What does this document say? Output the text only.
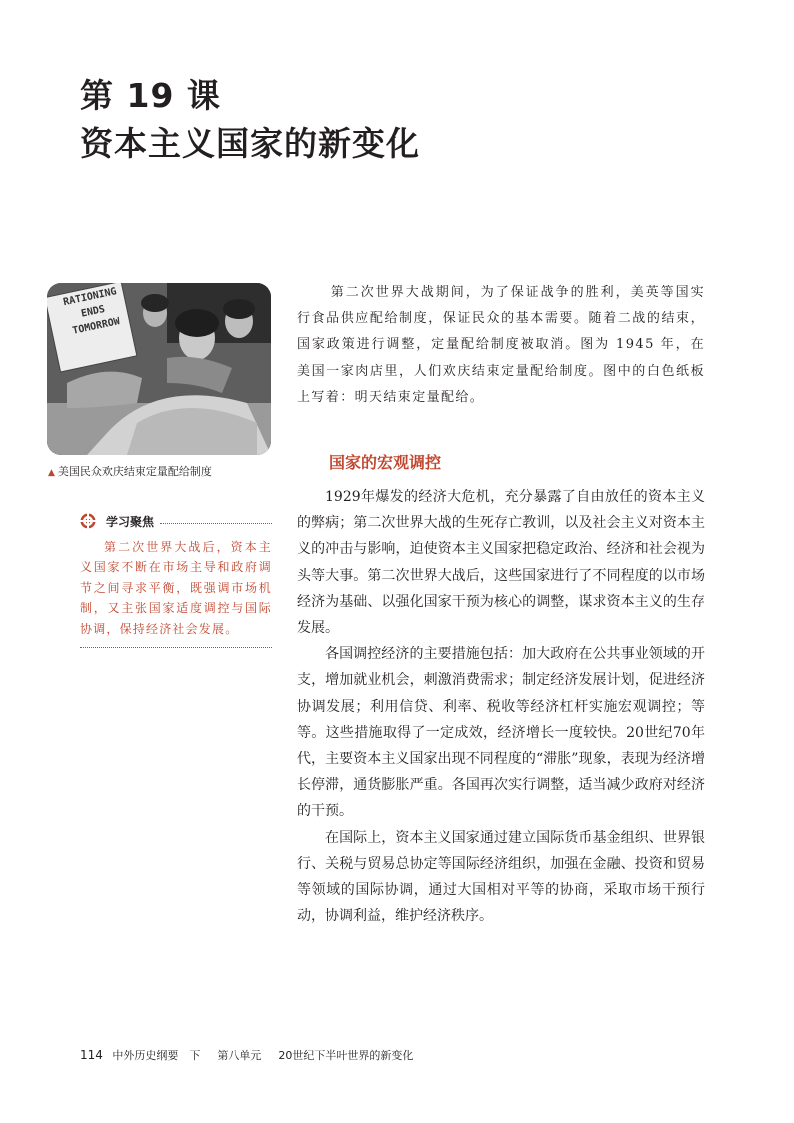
第 19 课
资本主义国家的新变化
RATIONING
ENDS
TOMORROW
▲ 美国民众欢庆结束定量配给制度
学习聚焦
第二次世界大战后，资本主义国家不断在市场主导和政府调节之间寻求平衡，既强调市场机制，又主张国家适度调控与国际协调，保持经济社会发展。

第二次世界大战期间，为了保证战争的胜利，美英等国实行食品供应配给制度，保证民众的基本需要。随着二战的结束，国家政策进行调整，定量配给制度被取消。图为 1945 年，在美国一家肉店里，人们欢庆结束定量配给制度。图中的白色纸板上写着：明天结束定量配给。

国家的宏观调控

1929年爆发的经济大危机，充分暴露了自由放任的资本主义的弊病；第二次世界大战的生死存亡教训，以及社会主义对资本主义的冲击与影响，迫使资本主义国家把稳定政治、经济和社会视为头等大事。第二次世界大战后，这些国家进行了不同程度的以市场经济为基础、以强化国家干预为核心的调整，谋求资本主义的生存发展。

各国调控经济的主要措施包括：加大政府在公共事业领域的开支，增加就业机会，刺激消费需求；制定经济发展计划，促进经济协调发展；利用信贷、利率、税收等经济杠杆实施宏观调控；等等。这些措施取得了一定成效，经济增长一度较快。20世纪70年代，主要资本主义国家出现不同程度的“滞胀”现象，表现为经济增长停滞，通货膨胀严重。各国再次实行调整，适当减少政府对经济的干预。

在国际上，资本主义国家通过建立国际货币基金组织、世界银行、关税与贸易总协定等国际经济组织，加强在金融、投资和贸易等领域的国际协调，通过大国相对平等的协商，采取市场干预行动，协调利益，维护经济秩序。

114 中外历史纲要　下 第八单元 20世纪下半叶世界的新变化
